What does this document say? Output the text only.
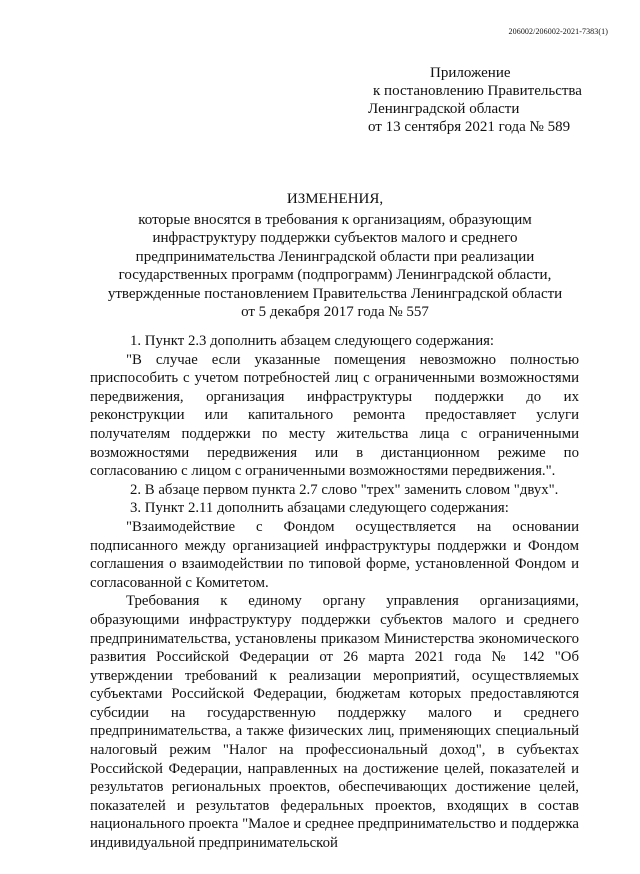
206002/206002-2021-7383(1)
Приложение
к постановлению Правительства
Ленинградской области
от 13 сентября 2021 года № 589
ИЗМЕНЕНИЯ,
которые вносятся в требования к организациям, образующим
инфраструктуру поддержки субъектов малого и среднего
предпринимательства Ленинградской области при реализации
государственных программ (подпрограмм) Ленинградской области,
утвержденные постановлением Правительства Ленинградской области
от 5 декабря 2017 года № 557

1. Пункт 2.3 дополнить абзацем следующего содержания:

"В случае если указанные помещения невозможно полностью приспособить с учетом потребностей лиц с ограниченными возможностями передвижения, организация инфраструктуры поддержки до их реконструкции или капитального ремонта предоставляет услуги получателям поддержки по месту жительства лица с ограниченными возможностями передвижения или в дистанционном режиме по согласованию с лицом с ограниченными возможностями передвижения.".

2. В абзаце первом пункта 2.7 слово "трех" заменить словом "двух".

3. Пункт 2.11 дополнить абзацами следующего содержания:

"Взаимодействие с Фондом осуществляется на основании подписанного между организацией инфраструктуры поддержки и Фондом соглашения о взаимодействии по типовой форме, установленной Фондом и согласованной с Комитетом.

Требования к единому органу управления организациями, образующими инфраструктуру поддержки субъектов малого и среднего предпринимательства, установлены приказом Министерства экономического развития Российской Федерации от 26 марта 2021 года № 142 "Об утверждении требований к реализации мероприятий, осуществляемых субъектами Российской Федерации, бюджетам которых предоставляются субсидии на государственную поддержку малого и среднего предпринимательства, а также физических лиц, применяющих специальный налоговый режим "Налог на профессиональный доход", в субъектах Российской Федерации, направленных на достижение целей, показателей и результатов региональных проектов, обеспечивающих достижение целей, показателей и результатов федеральных проектов, входящих в состав национального проекта "Малое и среднее предпринимательство и поддержка индивидуальной предпринимательской
